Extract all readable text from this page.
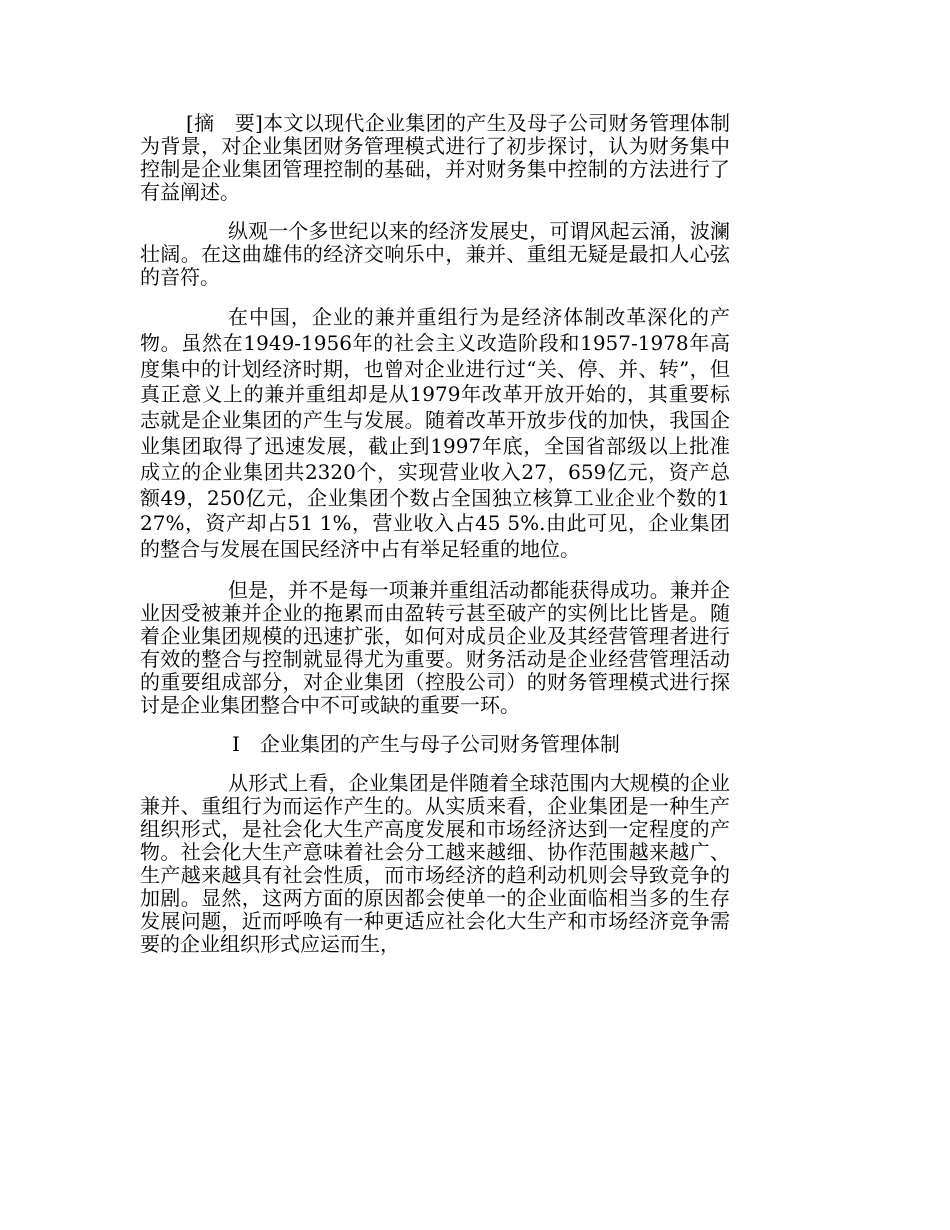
[摘　要]本文以现代企业集团的产生及母子公司财务管理体制为背景，对企业集团财务管理模式进行了初步探讨，认为财务集中控制是企业集团管理控制的基础，并对财务集中控制的方法进行了有益阐述。

纵观一个多世纪以来的经济发展史，可谓风起云涌，波澜壮阔。在这曲雄伟的经济交响乐中，兼并、重组无疑是最扣人心弦的音符。

在中国，企业的兼并重组行为是经济体制改革深化的产物。虽然在1949-1956年的社会主义改造阶段和1957-1978年高度集中的计划经济时期，也曾对企业进行过“关、停、并、转”，但真正意义上的兼并重组却是从1979年改革开放开始的，其重要标志就是企业集团的产生与发展。随着改革开放步伐的加快，我国企业集团取得了迅速发展，截止到1997年底，全国省部级以上批准成立的企业集团共2320个，实现营业收入27，659亿元，资产总额49，250亿元，企业集团个数占全国独立核算工业企业个数的1 27%，资产却占51 1%，营业收入占45 5%.由此可见，企业集团的整合与发展在国民经济中占有举足轻重的地位。

但是，并不是每一项兼并重组活动都能获得成功。兼并企业因受被兼并企业的拖累而由盈转亏甚至破产的实例比比皆是。随着企业集团规模的迅速扩张，如何对成员企业及其经营管理者进行有效的整合与控制就显得尤为重要。财务活动是企业经营管理活动的重要组成部分，对企业集团（控股公司）的财务管理模式进行探讨是企业集团整合中不可或缺的重要一环。

Ⅰ　企业集团的产生与母子公司财务管理体制

从形式上看，企业集团是伴随着全球范围内大规模的企业兼并、重组行为而运作产生的。从实质来看，企业集团是一种生产组织形式，是社会化大生产高度发展和市场经济达到一定程度的产物。社会化大生产意味着社会分工越来越细、协作范围越来越广、生产越来越具有社会性质，而市场经济的趋利动机则会导致竞争的加剧。显然，这两方面的原因都会使单一的企业面临相当多的生存发展问题，近而呼唤有一种更适应社会化大生产和市场经济竞争需要的企业组织形式应运而生，
